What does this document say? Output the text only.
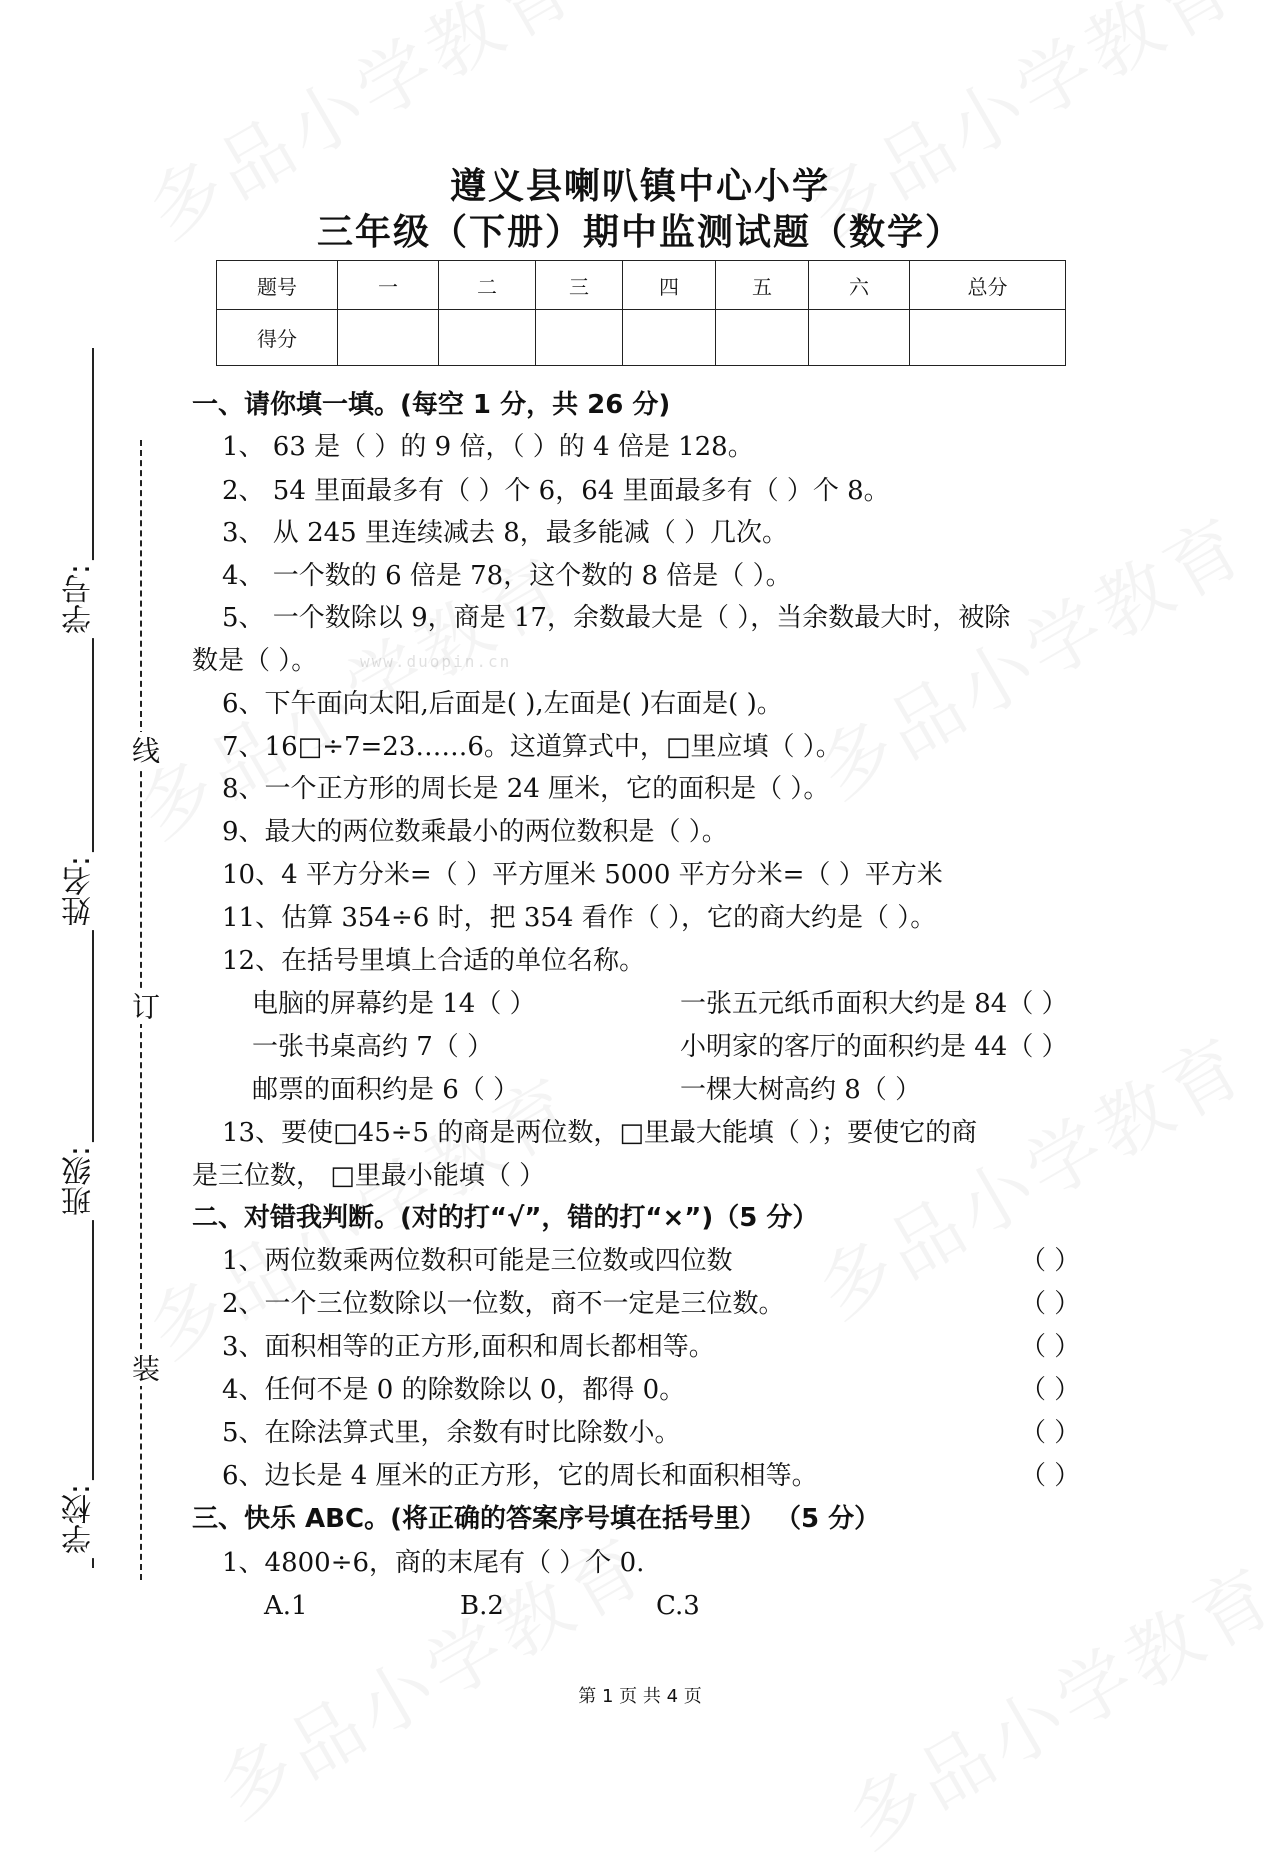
www.duopin.cn
遵义县喇叭镇中心小学
三年级（下册）期中监测试题（数学）
题号	一	二	三	四	五	六	总分
得分							
学号:
姓名:
班级:
学校:
线
订
装
一、请你填一填。(每空 1 分，共 26 分)
1、 63 是（ ）的 9 倍，（ ）的 4 倍是 128。
2、 54 里面最多有（ ）个 6，64 里面最多有（ ）个 8。
3、 从 245 里连续减去 8，最多能减（ ）几次。
4、 一个数的 6 倍是 78，这个数的 8 倍是（ ）。
5、 一个数除以 9，商是 17，余数最大是（ ），当余数最大时，被除
数是（ ）。
6、下午面向太阳,后面是( ),左面是( )右面是( )。
7、16□÷7=23……6。这道算式中，□里应填（ ）。
8、一个正方形的周长是 24 厘米，它的面积是（ ）。
9、最大的两位数乘最小的两位数积是（ ）。
10、4 平方分米=（ ）平方厘米 5000 平方分米=（ ）平方米
11、估算 354÷6 时，把 354 看作（ ），它的商大约是（ ）。
12、在括号里填上合适的单位名称。
电脑的屏幕约是 14（ ）	一张五元纸币面积大约是 84（ ）
一张书桌高约 7（ ）	小明家的客厅的面积约是 44（ ）
邮票的面积约是 6（ ）	一棵大树高约 8（ ）
13、要使□45÷5 的商是两位数，□里最大能填（ ）；要使它的商
是三位数， □里最小能填（ ）
二、对错我判断。(对的打“√”，错的打“×”)（5 分）
1、两位数乘两位数积可能是三位数或四位数
2、一个三位数除以一位数，商不一定是三位数。
3、面积相等的正方形,面积和周长都相等。
4、任何不是 0 的除数除以 0，都得 0。
5、在除法算式里，余数有时比除数小。
6、边长是 4 厘米的正方形，它的周长和面积相等。
（ ）
（ ）
（ ）
（ ）
（ ）
（ ）
三、快乐 ABC。(将正确的答案序号填在括号里） （5 分）
1、4800÷6，商的末尾有（ ）个 0.
A.1	B.2	C.3
第 1 页 共 4 页
